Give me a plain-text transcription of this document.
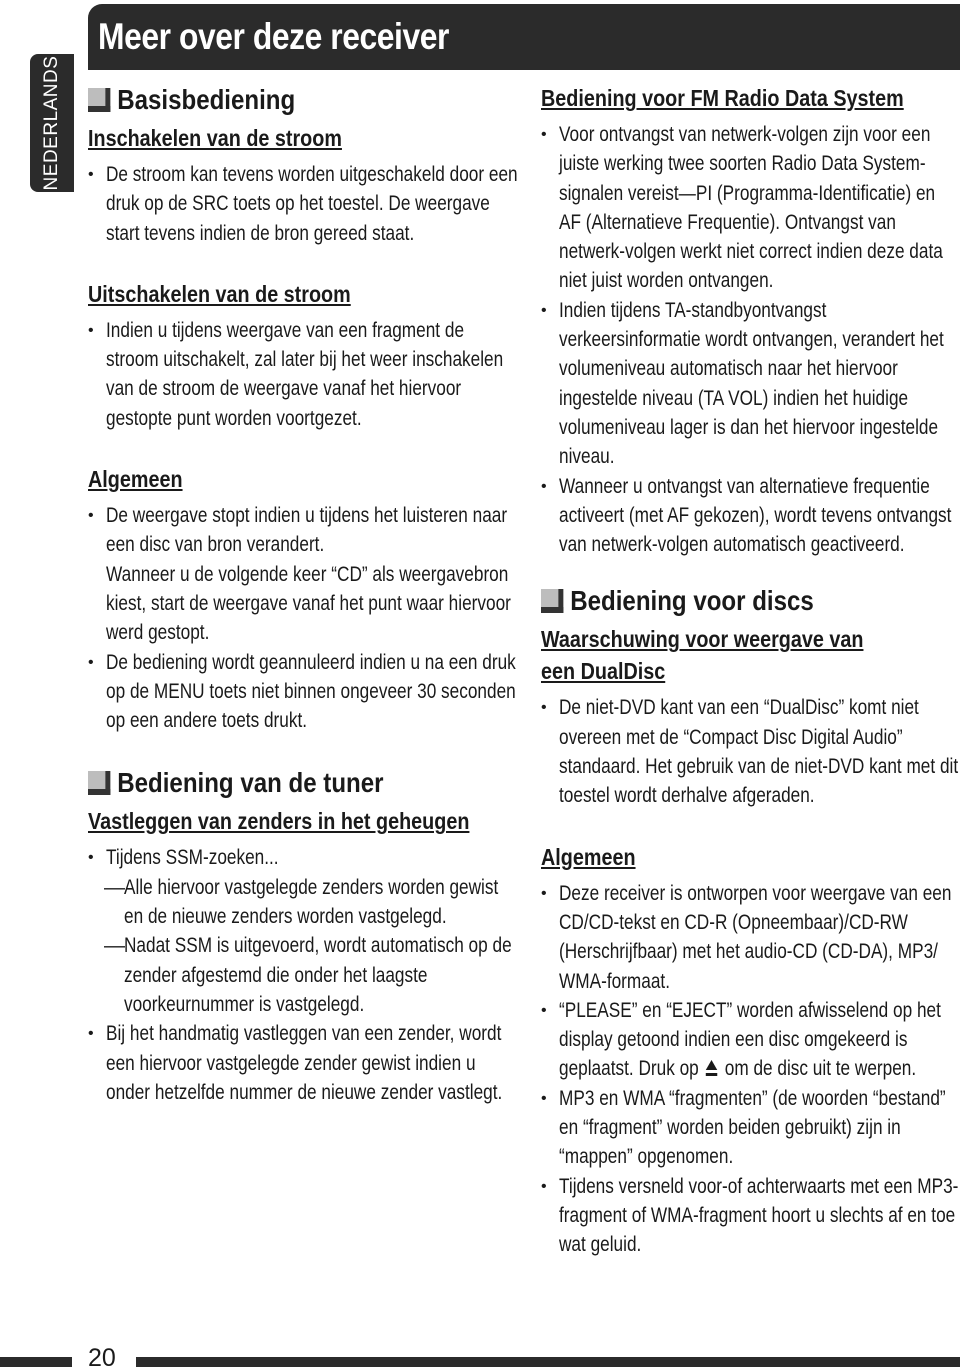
NEDERLANDS
Meer over deze receiver
Basisbediening
Inschakelen van de stroom
• De stroom kan tevens worden uitgeschakeld door een druk op de SRC toets op het toestel. De weergave start tevens indien de bron gereed staat.
Uitschakelen van de stroom
• Indien u tijdens weergave van een fragment de stroom uitschakelt, zal later bij het weer inschakelen van de stroom de weergave vanaf het hiervoor gestopte punt worden voortgezet.
Algemeen
• De weergave stopt indien u tijdens het luisteren naar een disc van bron verandert.
Wanneer u de volgende keer “CD” als weergavebron kiest, start de weergave vanaf het punt waar hiervoor werd gestopt.
• De bediening wordt geannuleerd indien u na een druk op de MENU toets niet binnen ongeveer 30 seconden op een andere toets drukt.
Bediening van de tuner
Vastleggen van zenders in het geheugen
• Tijdens SSM-zoeken...
— Alle hiervoor vastgelegde zenders worden gewist en de nieuwe zenders worden vastgelegd.
— Nadat SSM is uitgevoerd, wordt automatisch op de zender afgestemd die onder het laagste voorkeurnummer is vastgelegd.
• Bij het handmatig vastleggen van een zender, wordt een hiervoor vastgelegde zender gewist indien u onder hetzelfde nummer de nieuwe zender vastlegt.
Bediening voor FM Radio Data System
• Voor ontvangst van netwerk-volgen zijn voor een juiste werking twee soorten Radio Data System-signalen vereist—PI (Programma-Identificatie) en AF (Alternatieve Frequentie). Ontvangst van netwerk-volgen werkt niet correct indien deze data niet juist worden ontvangen.
• Indien tijdens TA-standbyontvangst verkeersinformatie wordt ontvangen, verandert het volumeniveau automatisch naar het hiervoor ingestelde niveau (TA VOL) indien het huidige volumeniveau lager is dan het hiervoor ingestelde niveau.
• Wanneer u ontvangst van alternatieve frequentie activeert (met AF gekozen), wordt tevens ontvangst van netwerk-volgen automatisch geactiveerd.
Bediening voor discs
Waarschuwing voor weergave van een DualDisc
• De niet-DVD kant van een “DualDisc” komt niet overeen met de “Compact Disc Digital Audio” standaard. Het gebruik van de niet-DVD kant met dit toestel wordt derhalve afgeraden.
Algemeen
• Deze receiver is ontworpen voor weergave van een CD/CD-tekst en CD-R (Opneembaar)/CD-RW (Herschrijfbaar) met het audio-CD (CD-DA), MP3/ WMA-formaat.
• “PLEASE” en “EJECT” worden afwisselend op het display getoond indien een disc omgekeerd is geplaatst. Druk op om de disc uit te werpen.
• MP3 en WMA “fragmenten” (de woorden “bestand” en “fragment” worden beiden gebruikt) zijn in “mappen” opgenomen.
• Tijdens versneld voor-of achterwaarts met een MP3-fragment of WMA-fragment hoort u slechts af en toe wat geluid.
20
